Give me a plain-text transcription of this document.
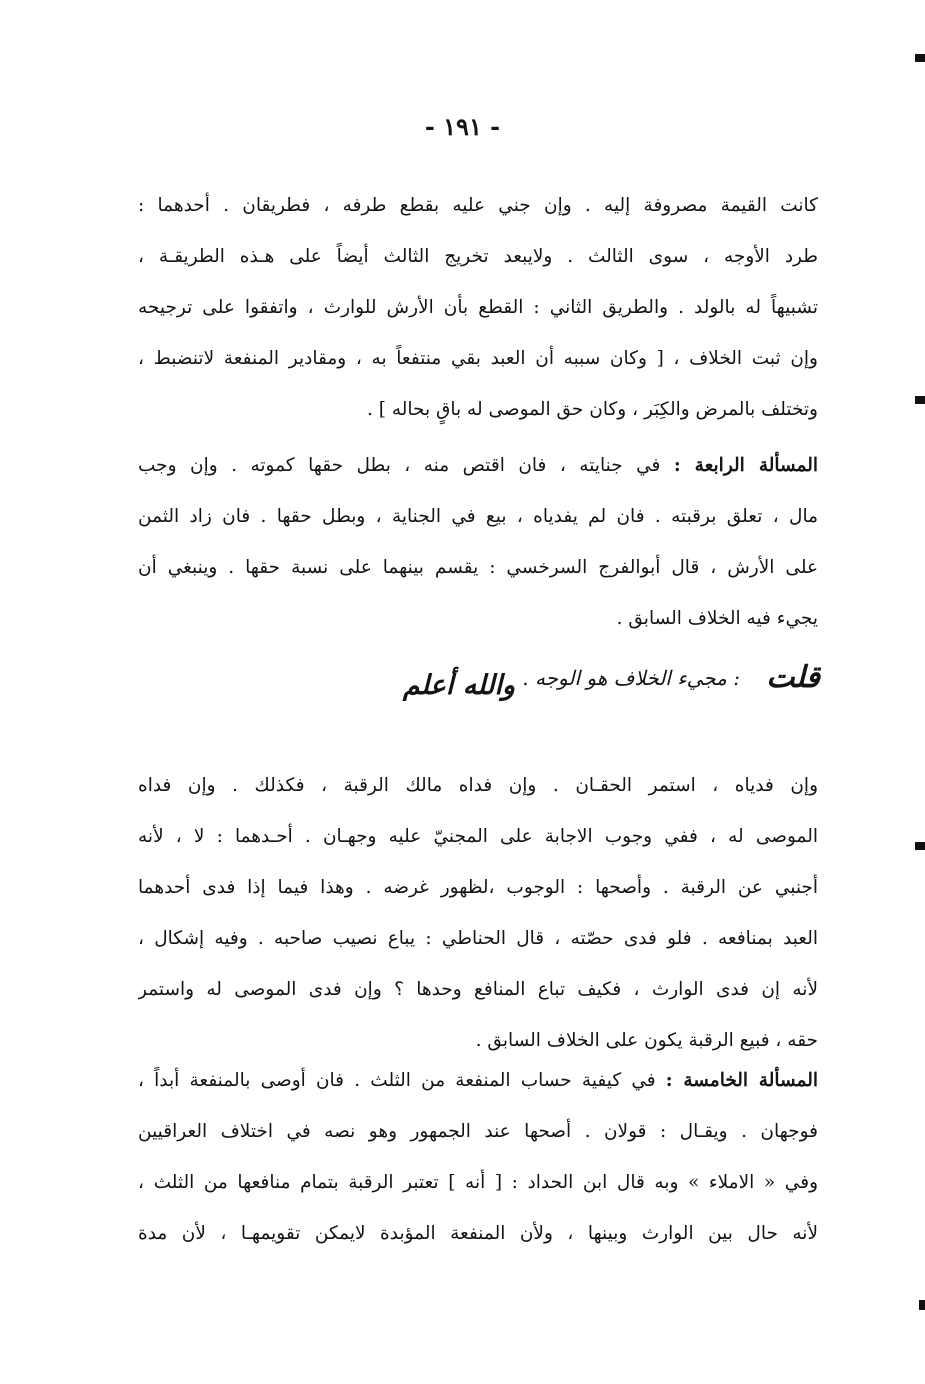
- ١٩١ -
كانت القيمة مصروفة إليه . وإن جني عليه بقطع طرفه ، فطريقان . أحدهما :
طرد الأوجه ، سوى الثالث . ولايبعد تخريج الثالث أيضاً على هـذه الطريقـة ،
تشبيهاً له بالولد . والطريق الثاني : القطع بأن الأرش للوارث ، واتفقوا على ترجيحه
وإن ثبت الخلاف ، [ وكان سببه أن العبد بقي منتفعاً به ، ومقادير المنفعة لاتنضبط ،
وتختلف بالمرض والكِبَر ، وكان حق الموصى له باقٍ بحاله ] .
المسألة الرابعة : في جنايته ، فان اقتص منه ، بطل حقها كموته . وإن وجب
مال ، تعلق برقبته . فان لم يفدياه ، بيع في الجناية ، وبطل حقها . فان زاد الثمن
على الأرش ، قال أبوالفرج السرخسي : يقسم بينهما على نسبة حقها . وينبغي أن
يجيء فيه الخلاف السابق .
قلت
: مجيء الخلاف هو الوجه .
والله أعلم
وإن فدياه ، استمر الحقـان . وإن فداه مالك الرقبة ، فكذلك . وإن فداه
الموصى له ، ففي وجوب الاجابة على المجنيّ عليه وجهـان . أحـدهما : لا ، لأنه
أجنبي عن الرقبة . وأصحها : الوجوب ،لظهور غرضه . وهذا فيما إذا فدى أحدهما
العبد بمنافعه . فلو فدى حصّته ، قال الحناطي : يباع نصيب صاحبه . وفيه إشكال ،
لأنه إن فدى الوارث ، فكيف تباع المنافع وحدها ؟ وإن فدى الموصى له واستمر
حقه ، فبيع الرقبة يكون على الخلاف السابق .
المسألة الخامسة : في كيفية حساب المنفعة من الثلث . فان أوصى بالمنفعة أبداً ،
فوجهان . ويقـال : قولان . أصحها عند الجمهور وهو نصه في اختلاف العراقيين
وفي « الاملاء » وبه قال ابن الحداد : [ أنه ] تعتبر الرقبة بتمام منافعها من الثلث ،
لأنه حال بين الوارث وبينها ، ولأن المنفعة المؤبدة لايمكن تقويمهـا ، لأن مدة
